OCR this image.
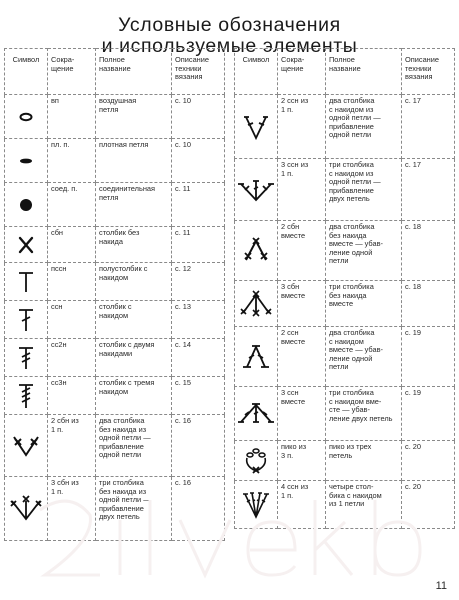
Условные обозначения
и используемые элементы
Символ	Сокра-
щение	Полное
название	Описание
техники
вязания

	вп	воздушная
петля	с. 10

	пл. п.	плотная петля	с. 10

	соед. п.	соединительная
петля	с. 11

	сбн	столбик без
накида	с. 11

	пссн	полустолбик с
накидом	с. 12

	ссн	столбик с
накидом	с. 13

	сс2н	столбик с двумя
накидами	с. 14

	сс3н	столбик с тремя
накидом	с. 15

	2 сбн из
1 п.	два столбика
без накида из
одной петли —
прибавление
одной петли	с. 16

	3 сбн из
1 п.	три столбика
без накида из
одной петли —
прибавление
двух петель	с. 16
Символ	Сокра-
щение	Полное
название	Описание
техники
вязания

	2 ссн из
1 п.	два столбика
с накидом из
одной петли —
прибавление
одной петли	с. 17

	3 ссн из
1 п.	три столбика
с накидом из
одной петли —
прибавление
двух петель	с. 17

	2 сбн
вместе	два столбика
без накида
вместе — убав-
ление одной
петли	с. 18

	3 сбн
вместе	три столбика
без накида
вместе	с. 18

	2 ссн
вместе	два столбика
с накидом
вместе — убав-
ление одной
петли	с. 19

	3 ссн
вместе	три столбика
с накидом вме-
сте — убав-
ление двух петель	с. 19

	пико из
3 п.	пико из трех
петель	с. 20

	4 ссн из
1 п.	четыре стол-
бика с накидом
из 1 петли	с. 20
11
